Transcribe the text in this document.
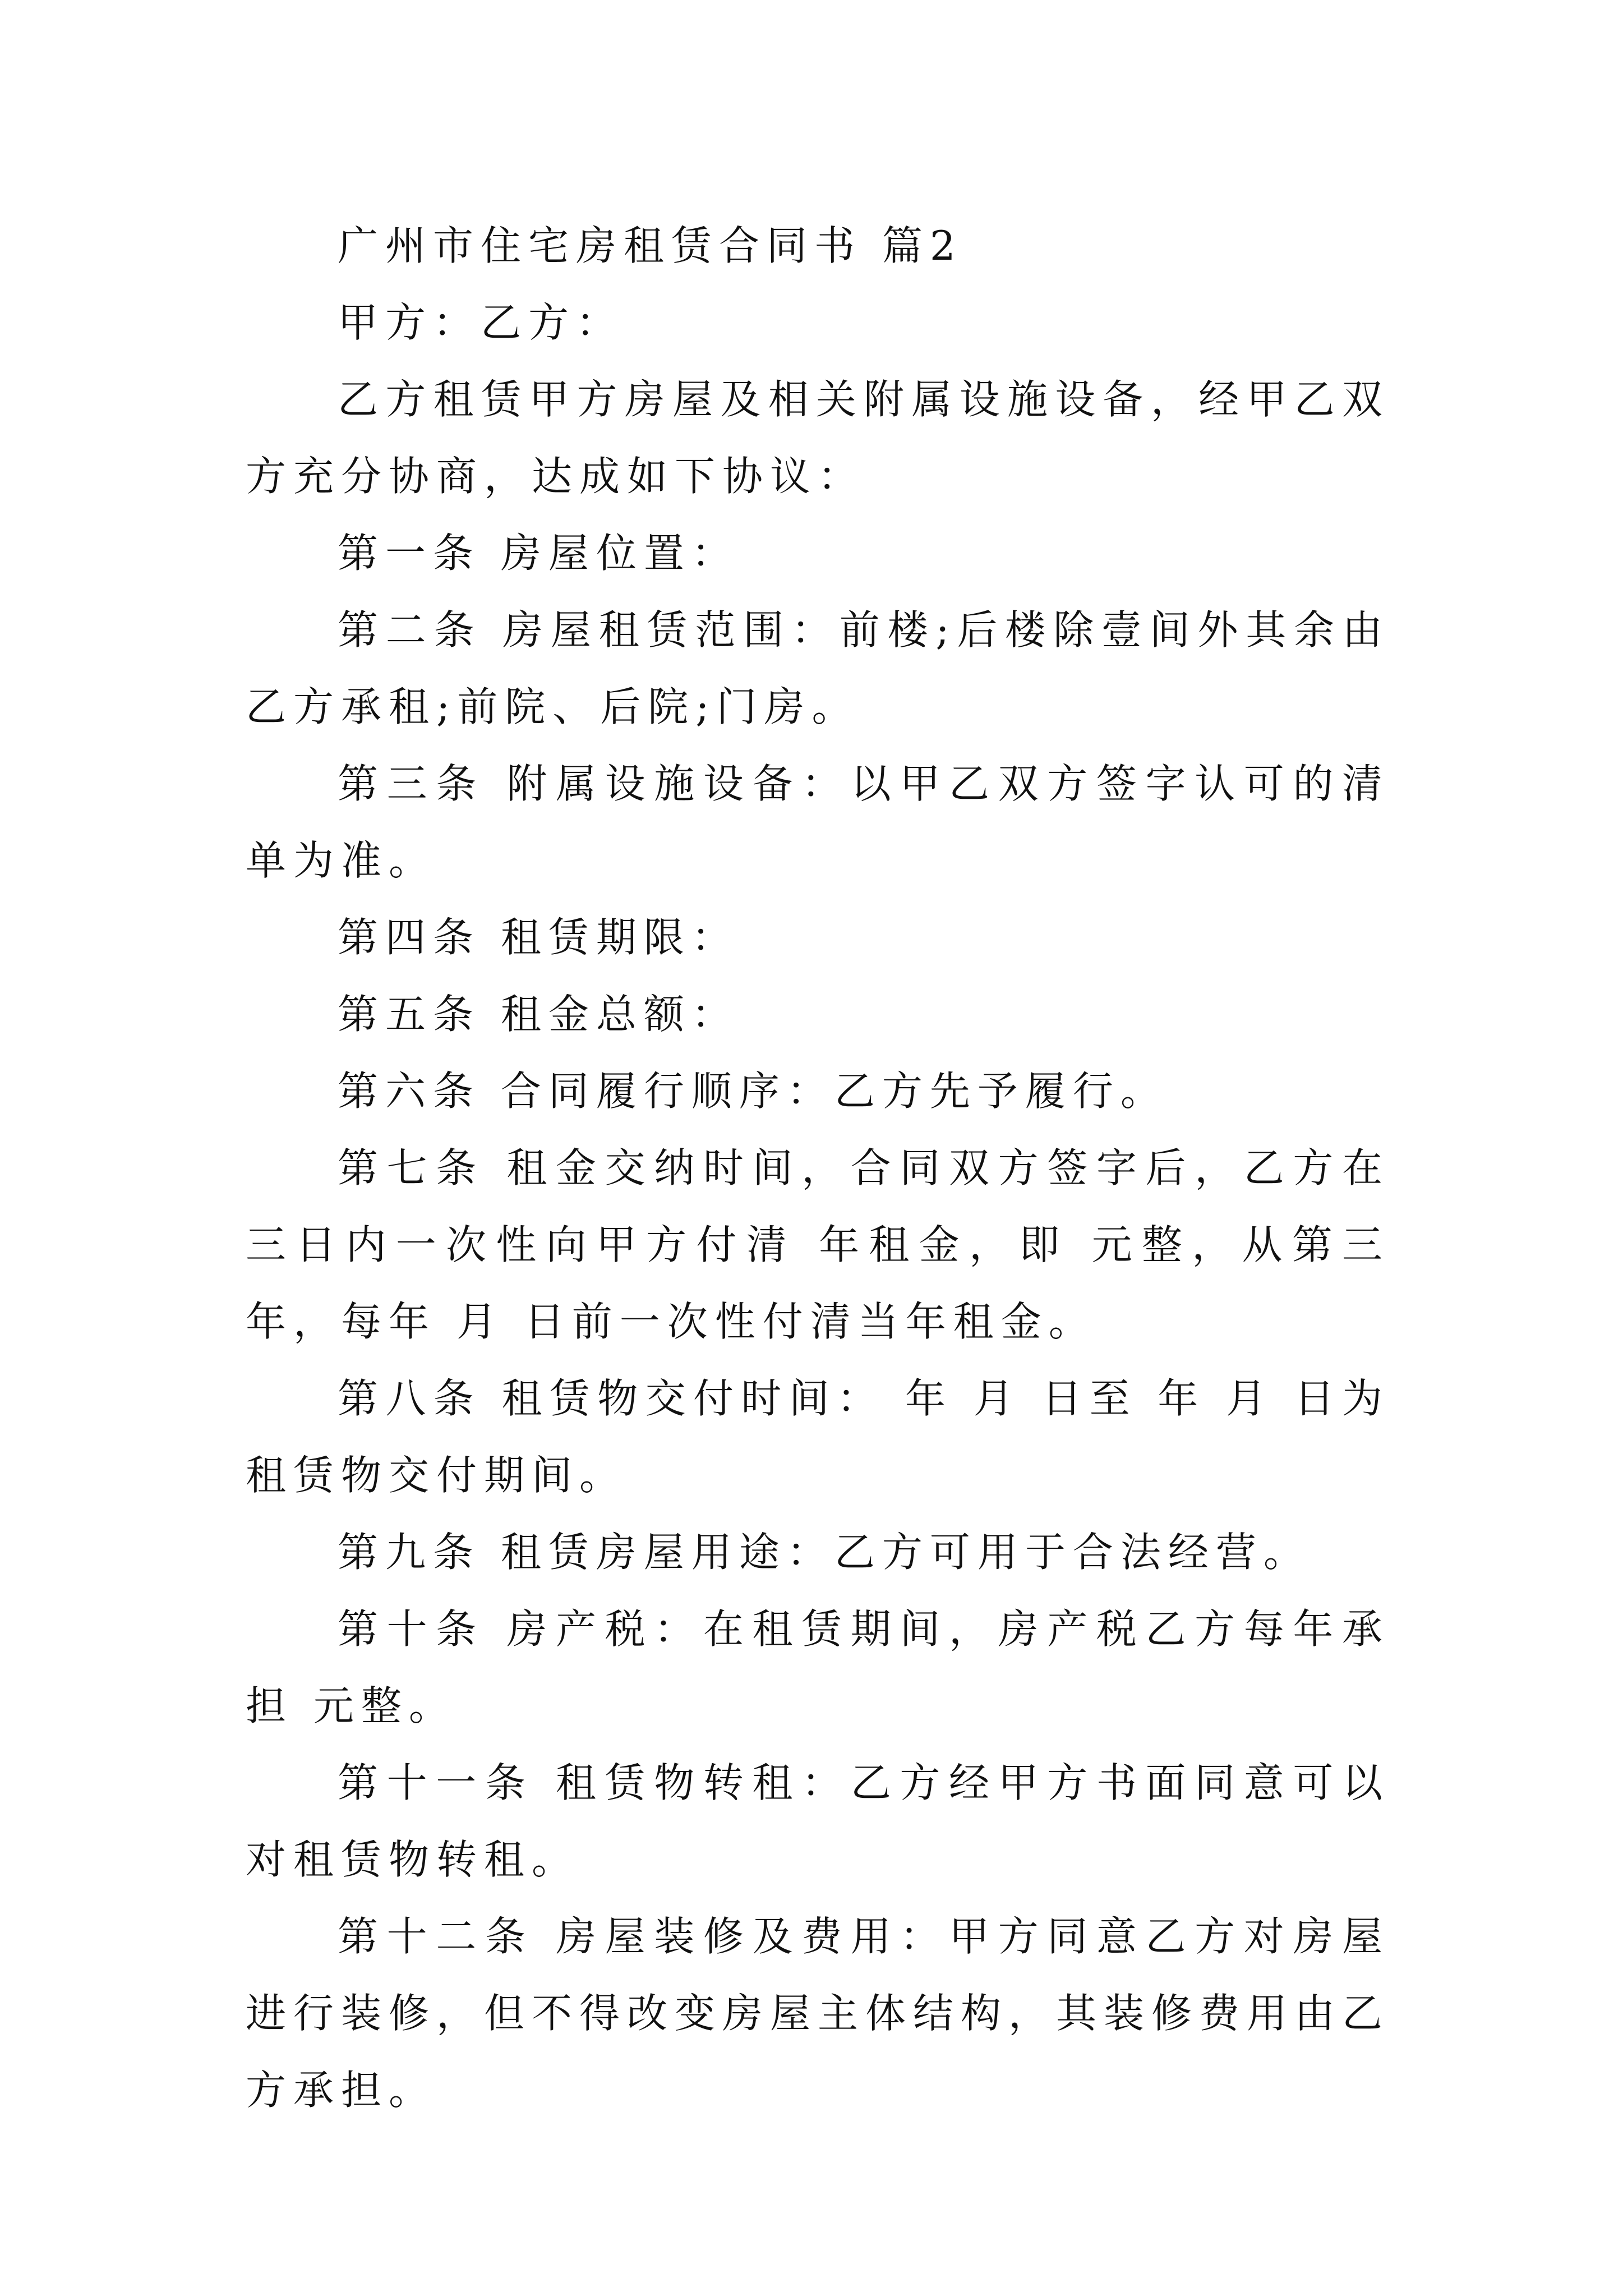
广州市住宅房租赁合同书 篇2

甲方：乙方：

乙方租赁甲方房屋及相关附属设施设备，经甲乙双方充分协商，达成如下协议：

第一条 房屋位置：

第二条 房屋租赁范围：前楼;后楼除壹间外其余由乙方承租;前院、后院;门房。

第三条 附属设施设备：以甲乙双方签字认可的清单为准。

第四条 租赁期限：

第五条 租金总额：

第六条 合同履行顺序：乙方先予履行。

第七条 租金交纳时间，合同双方签字后，乙方在三日内一次性向甲方付清 年租金，即 元整，从第三年，每年 月 日前一次性付清当年租金。

第八条 租赁物交付时间： 年 月 日至 年 月 日为租赁物交付期间。

第九条 租赁房屋用途：乙方可用于合法经营。

第十条 房产税：在租赁期间，房产税乙方每年承担 元整。

第十一条 租赁物转租：乙方经甲方书面同意可以对租赁物转租。

第十二条 房屋装修及费用：甲方同意乙方对房屋进行装修，但不得改变房屋主体结构，其装修费用由乙方承担。
